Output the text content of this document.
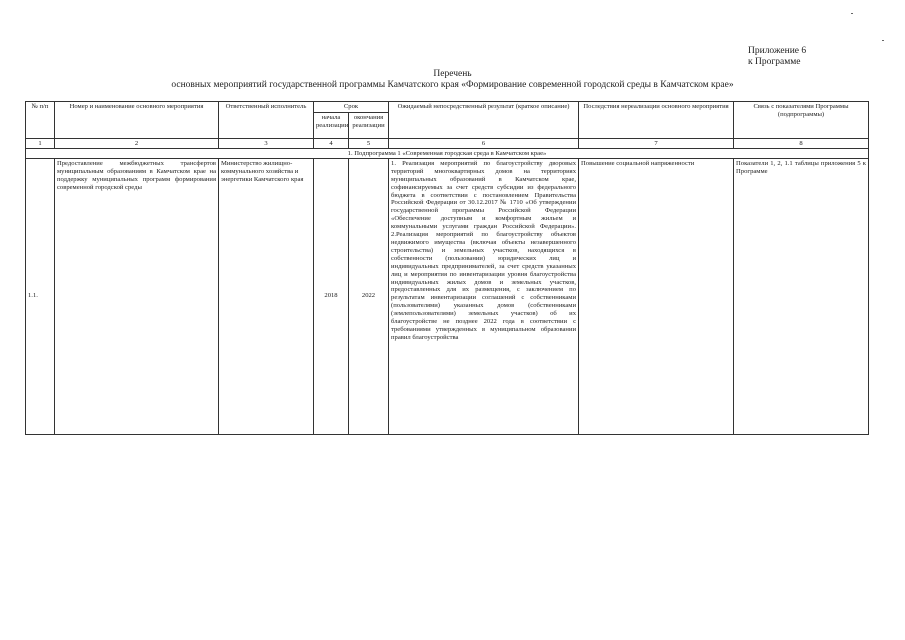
Приложение 6
к Программе
Перечень
основных мероприятий государственной программы Камчатского края «Формирование современной городской среды в Камчатском крае»
№ п/п	Номер и наименование основного мероприятия	Ответственный исполнитель	Срок		Ожидаемый непосредственный результат (краткое описание)	Последствия нереализации основного мероприятия	Связь с показателями Программы (подпрограммы)
			начала реализации	окончания реализации			
1	2	3	4	5	6	7	8
1. Подпрограмма 1 «Современная городская среда в Камчатском крае»							
1.1.	Предоставление межбюджетных трансфертов муниципальным образованиям в Камчатском крае на поддержку муниципальных программ формирования современной городской среды	Министерство жилищно-коммунального хозяйства и энергетики Камчатского края	2018	2022	1. Реализация мероприятий по благоустройству дворовых территорий многоквартирных домов на территориях муниципальных образований в Камчатском крае, софинансируемых за счет средств субсидии из федерального бюджета в соответствии с постановлением Правительства Российской Федерации от 30.12.2017 № 1710 «Об утверждении государственной программы Российской Федерации «Обеспечение доступным и комфортным жильем и коммунальными услугами граждан Российской Федерации». 2.Реализация мероприятий по благоустройству объектов недвижимого имущества (включая объекты незавершенного строительства) и земельных участков, находящихся в собственности (пользовании) юридических лиц и индивидуальных предпринимателей, за счет средств указанных лиц и мероприятия по инвентаризации уровня благоустройства индивидуальных жилых домов и земельных участков, предоставленных для их размещения, с заключением по результатам инвентаризации соглашений с собственниками (пользователями) указанных домов (собственниками (землепользователями) земельных участков) об их благоустройстве не позднее 2022 года в соответствии с требованиями утвержденных в муниципальном образовании правил благоустройства	Повышение социальной напряженности	Показатели 1, 2, 1.1 таблицы приложения 5 к Программе
